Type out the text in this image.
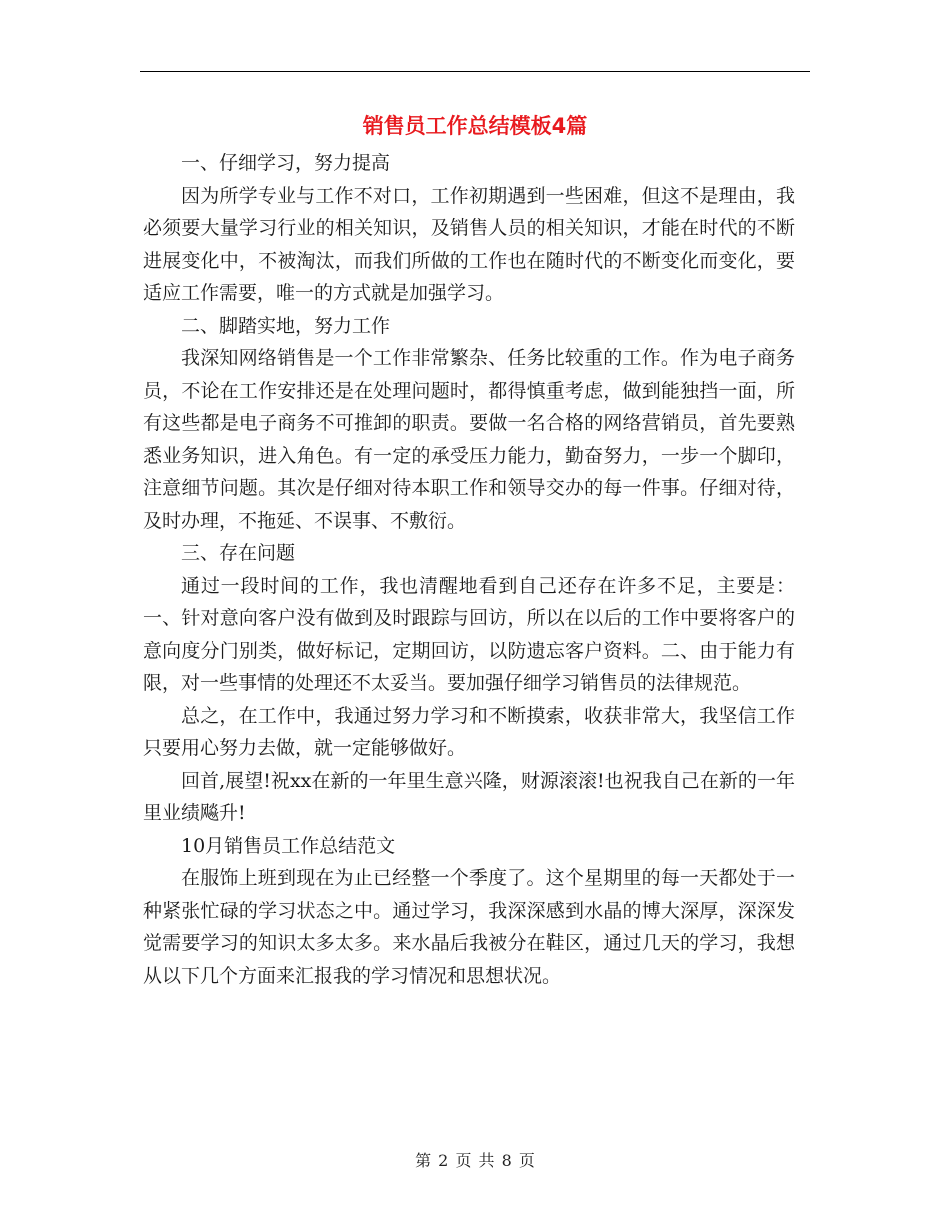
销售员工作总结模板4篇

一、仔细学习，努力提高

因为所学专业与工作不对口，工作初期遇到一些困难，但这不是理由，我必须要大量学习行业的相关知识，及销售人员的相关知识，才能在时代的不断进展变化中，不被淘汰，而我们所做的工作也在随时代的不断变化而变化，要适应工作需要，唯一的方式就是加强学习。

二、脚踏实地，努力工作

我深知网络销售是一个工作非常繁杂、任务比较重的工作。作为电子商务员，不论在工作安排还是在处理问题时，都得慎重考虑，做到能独挡一面，所有这些都是电子商务不可推卸的职责。要做一名合格的网络营销员，首先要熟悉业务知识，进入角色。有一定的承受压力能力，勤奋努力，一步一个脚印，注意细节问题。其次是仔细对待本职工作和领导交办的每一件事。仔细对待，及时办理，不拖延、不误事、不敷衍。

三、存在问题

通过一段时间的工作，我也清醒地看到自己还存在许多不足，主要是：一、针对意向客户没有做到及时跟踪与回访，所以在以后的工作中要将客户的意向度分门别类，做好标记，定期回访，以防遗忘客户资料。二、由于能力有限，对一些事情的处理还不太妥当。要加强仔细学习销售员的法律规范。

总之，在工作中，我通过努力学习和不断摸索，收获非常大，我坚信工作只要用心努力去做，就一定能够做好。

回首,展望!祝xx在新的一年里生意兴隆，财源滚滚!也祝我自己在新的一年里业绩飚升!

10月销售员工作总结范文

在服饰上班到现在为止已经整一个季度了。这个星期里的每一天都处于一种紧张忙碌的学习状态之中。通过学习，我深深感到水晶的博大深厚，深深发觉需要学习的知识太多太多。来水晶后我被分在鞋区，通过几天的学习，我想从以下几个方面来汇报我的学习情况和思想状况。

第 2 页 共 8 页
